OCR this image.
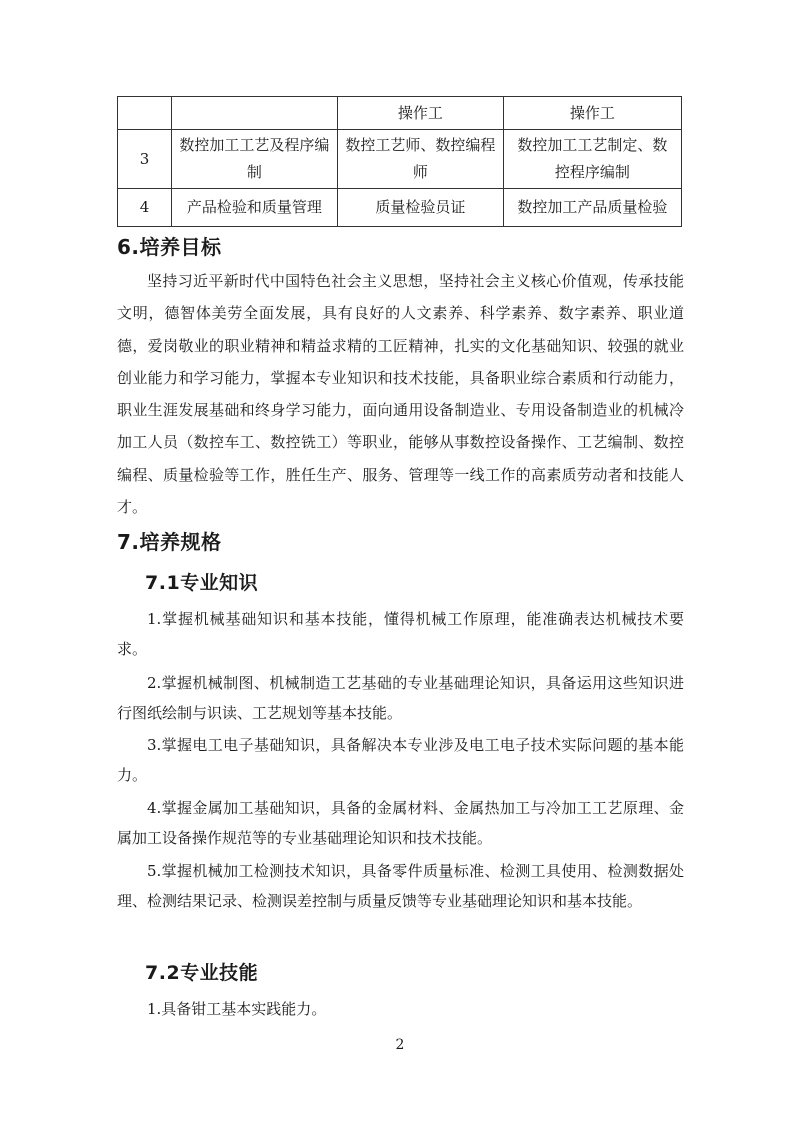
		操作工	操作工
3	数控加工工艺及程序编制	数控工艺师、数控编程师	数控加工工艺制定、数控程序编制

4	产品检验和质量管理	质量检验员证	数控加工产品质量检验
6.培养目标

坚持习近平新时代中国特色社会主义思想，坚持社会主义核心价值观，传承技能文明，德智体美劳全面发展，具有良好的人文素养、科学素养、数字素养、职业道德，爱岗敬业的职业精神和精益求精的工匠精神，扎实的文化基础知识、较强的就业创业能力和学习能力，掌握本专业知识和技术技能，具备职业综合素质和行动能力，职业生涯发展基础和终身学习能力，面向通用设备制造业、专用设备制造业的机械冷加工人员（数控车工、数控铣工）等职业，能够从事数控设备操作、工艺编制、数控编程、质量检验等工作，胜任生产、服务、管理等一线工作的高素质劳动者和技能人才。

7.培养规格
7.1专业知识

1.掌握机械基础知识和基本技能，懂得机械工作原理，能准确表达机械技术要求。

2.掌握机械制图、机械制造工艺基础的专业基础理论知识，具备运用这些知识进行图纸绘制与识读、工艺规划等基本技能。

3.掌握电工电子基础知识，具备解决本专业涉及电工电子技术实际问题的基本能力。

4.掌握金属加工基础知识，具备的金属材料、金属热加工与冷加工工艺原理、金属加工设备操作规范等的专业基础理论知识和技术技能。

5.掌握机械加工检测技术知识，具备零件质量标准、检测工具使用、检测数据处理、检测结果记录、检测误差控制与质量反馈等专业基础理论知识和基本技能。

7.2专业技能

1.具备钳工基本实践能力。

2
